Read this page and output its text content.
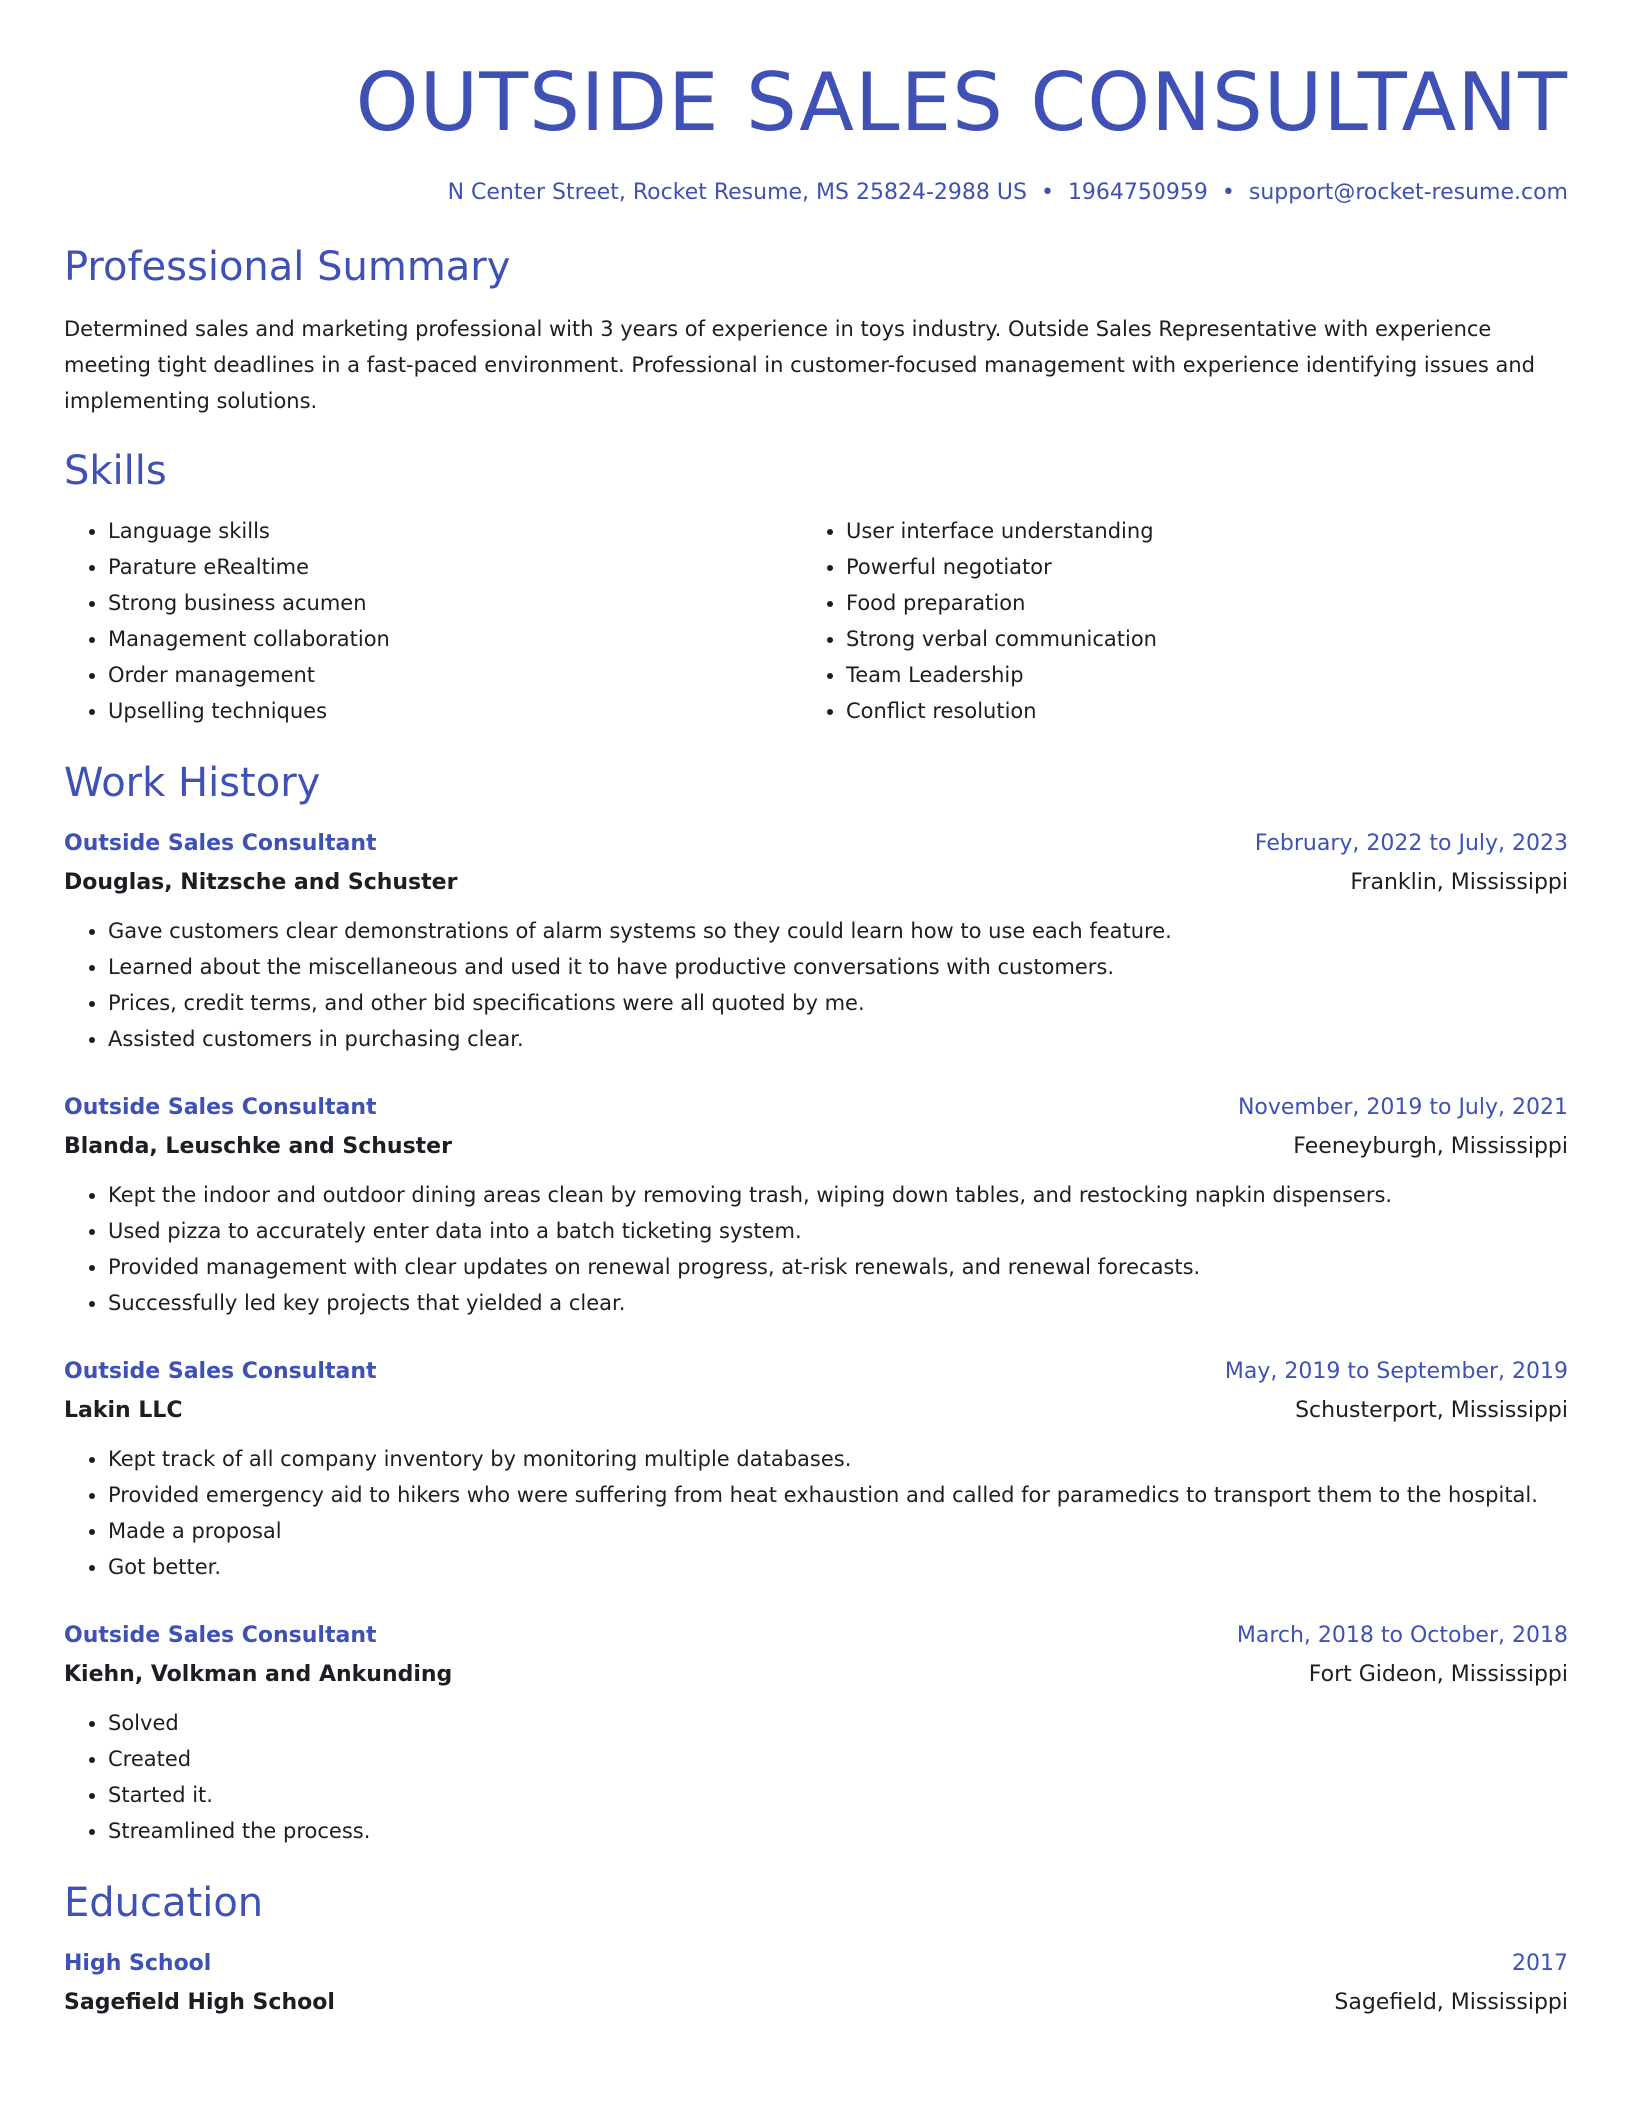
OUTSIDE SALES CONSULTANT
N Center Street, Rocket Resume, MS 25824-2988 US • 1964750959 • support@rocket-resume.com
Professional Summary
Determined sales and marketing professional with 3 years of experience in toys industry. Outside Sales Representative with experience meeting tight deadlines in a fast-paced environment. Professional in customer-focused management with experience identifying issues and implementing solutions.
Skills
• Language skills
• Parature eRealtime
• Strong business acumen
• Management collaboration
• Order management
• Upselling techniques
• User interface understanding
• Powerful negotiator
• Food preparation
• Strong verbal communication
• Team Leadership
• Conflict resolution
Work History
Outside Sales Consultant	February, 2022 to July, 2023
Douglas, Nitzsche and Schuster	Franklin, Mississippi
• Gave customers clear demonstrations of alarm systems so they could learn how to use each feature.
• Learned about the miscellaneous and used it to have productive conversations with customers.
• Prices, credit terms, and other bid specifications were all quoted by me.
• Assisted customers in purchasing clear.
Outside Sales Consultant	November, 2019 to July, 2021
Blanda, Leuschke and Schuster	Feeneyburgh, Mississippi
• Kept the indoor and outdoor dining areas clean by removing trash, wiping down tables, and restocking napkin dispensers.
• Used pizza to accurately enter data into a batch ticketing system.
• Provided management with clear updates on renewal progress, at-risk renewals, and renewal forecasts.
• Successfully led key projects that yielded a clear.
Outside Sales Consultant	May, 2019 to September, 2019
Lakin LLC	Schusterport, Mississippi
• Kept track of all company inventory by monitoring multiple databases.
• Provided emergency aid to hikers who were suffering from heat exhaustion and called for paramedics to transport them to the hospital.
• Made a proposal
• Got better.
Outside Sales Consultant	March, 2018 to October, 2018
Kiehn, Volkman and Ankunding	Fort Gideon, Mississippi
• Solved
• Created
• Started it.
• Streamlined the process.
Education
High School	2017
Sagefield High School	Sagefield, Mississippi
